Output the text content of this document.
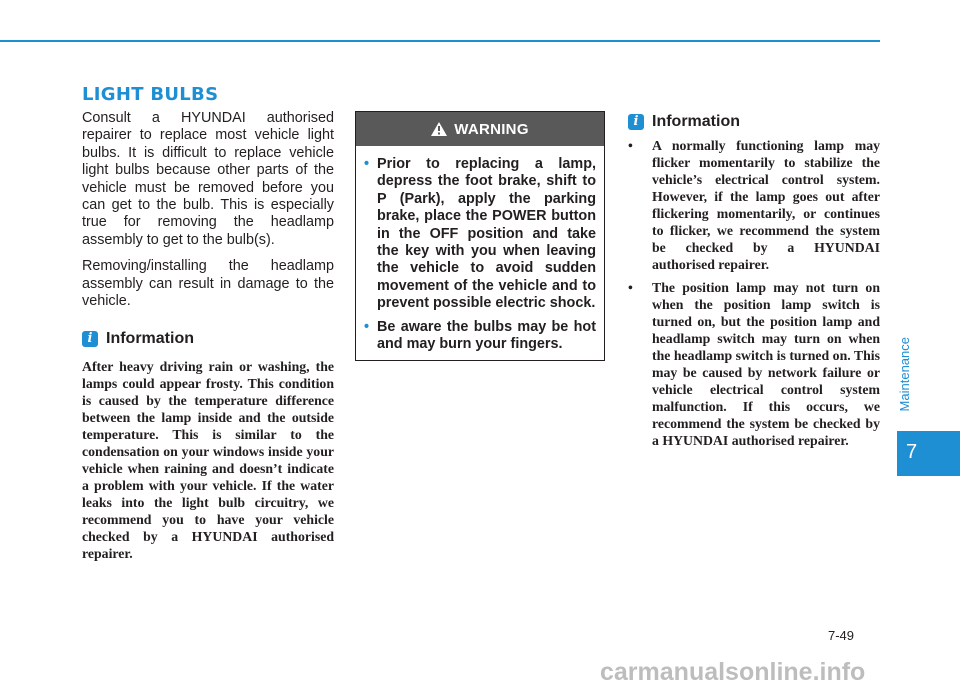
LIGHT BULBS

Consult a HYUNDAI authorised repairer to replace most vehicle light bulbs. It is difficult to replace vehicle light bulbs because other parts of the vehicle must be removed before you can get to the bulb. This is especially true for removing the headlamp assembly to get to the bulb(s).

Removing/installing the headlamp assembly can result in damage to the vehicle.

i Information

After heavy driving rain or washing, the lamps could appear frosty. This condition is caused by the temperature difference between the lamp inside and the outside temperature. This is similar to the condensation on your windows inside your vehicle when raining and doesn’t indicate a problem with your vehicle. If the water leaks into the light bulb circuitry, we recommend you to have your vehicle checked by a HYUNDAI authorised repairer.

WARNING
• Prior to replacing a lamp, depress the foot brake, shift to P (Park), apply the parking brake, place the POWER button in the OFF position and take the key with you when leaving the vehicle to avoid sudden movement of the vehicle and to prevent possible electric shock.
• Be aware the bulbs may be hot and may burn your fingers.
i Information
• A normally functioning lamp may flicker momentarily to stabilize the vehicle’s electrical control system. However, if the lamp goes out after flickering momentarily, or continues to flicker, we recommend the system be checked by a HYUNDAI authorised repairer.
• The position lamp may not turn on when the position lamp switch is turned on, but the position lamp and headlamp switch may turn on when the headlamp switch is turned on. This may be caused by network failure or vehicle electrical control system malfunction. If this occurs, we recommend the system be checked by a HYUNDAI authorised repairer.
Maintenance
7
7-49
carmanualsonline.info
